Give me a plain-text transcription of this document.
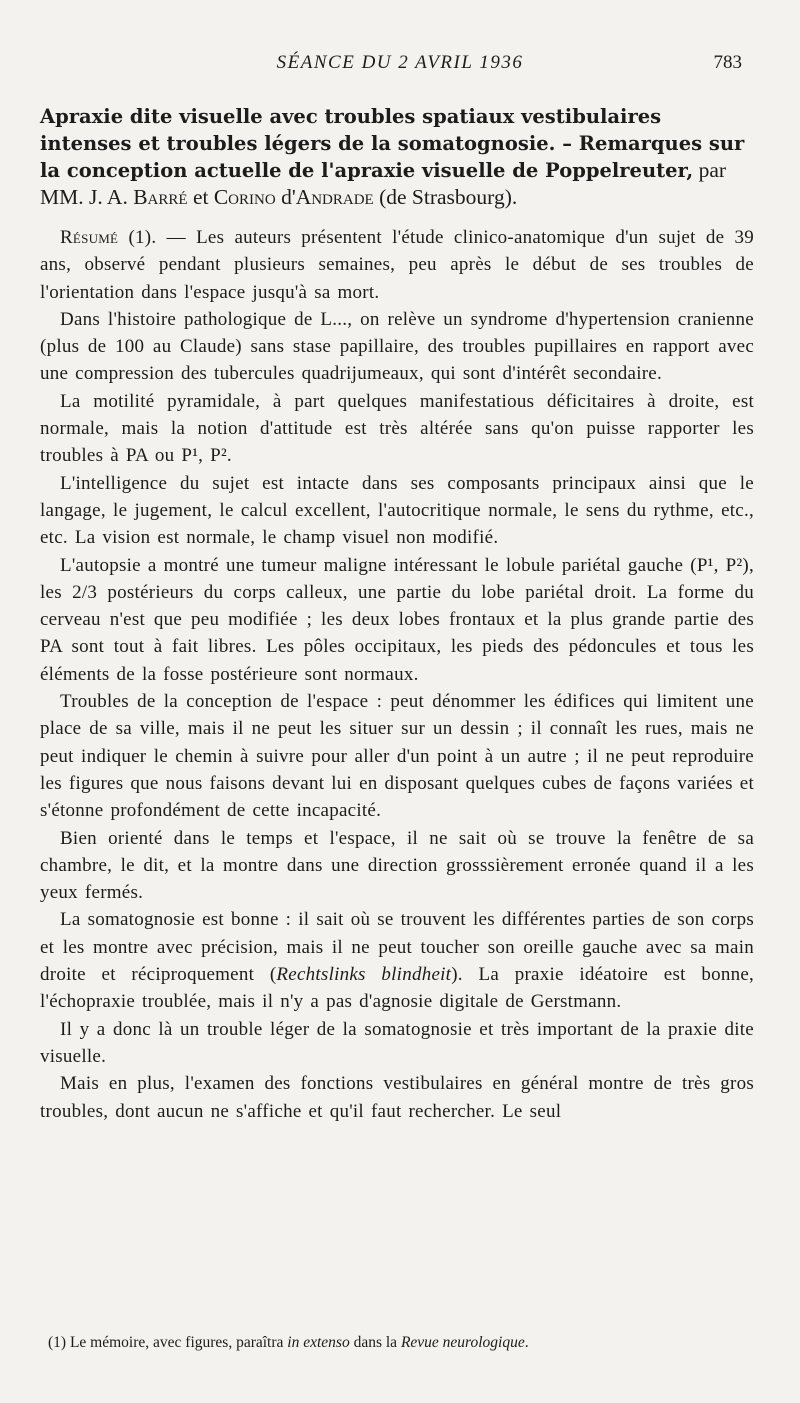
SÉANCE DU 2 AVRIL 1936	783

Apraxie dite visuelle avec troubles spatiaux vestibulaires intenses et troubles légers de la somatognosie. – Remarques sur la conception actuelle de l'apraxie visuelle de Poppelreuter, par MM. J. A. Barré et Corino d'Andrade (de Strasbourg).

Résumé (1). — Les auteurs présentent l'étude clinico-anatomique d'un sujet de 39 ans, observé pendant plusieurs semaines, peu après le début de ses troubles de l'orientation dans l'espace jusqu'à sa mort.

Dans l'histoire pathologique de L..., on relève un syndrome d'hypertension cranienne (plus de 100 au Claude) sans stase papillaire, des troubles pupillaires en rapport avec une compression des tubercules quadrijumeaux, qui sont d'intérêt secondaire.

La motilité pyramidale, à part quelques manifestatious déficitaires à droite, est normale, mais la notion d'attitude est très altérée sans qu'on puisse rapporter les troubles à PA ou P¹, P².

L'intelligence du sujet est intacte dans ses composants principaux ainsi que le langage, le jugement, le calcul excellent, l'autocritique normale, le sens du rythme, etc., etc. La vision est normale, le champ visuel non modifié.

L'autopsie a montré une tumeur maligne intéressant le lobule pariétal gauche (P¹, P²), les 2/3 postérieurs du corps calleux, une partie du lobe pariétal droit. La forme du cerveau n'est que peu modifiée ; les deux lobes frontaux et la plus grande partie des PA sont tout à fait libres. Les pôles occipitaux, les pieds des pédoncules et tous les éléments de la fosse postérieure sont normaux.

Troubles de la conception de l'espace : peut dénommer les édifices qui limitent une place de sa ville, mais il ne peut les situer sur un dessin ; il connaît les rues, mais ne peut indiquer le chemin à suivre pour aller d'un point à un autre ; il ne peut reproduire les figures que nous faisons devant lui en disposant quelques cubes de façons variées et s'étonne profondément de cette incapacité.

Bien orienté dans le temps et l'espace, il ne sait où se trouve la fenêtre de sa chambre, le dit, et la montre dans une direction grosssièrement erronée quand il a les yeux fermés.

La somatognosie est bonne : il sait où se trouvent les différentes parties de son corps et les montre avec précision, mais il ne peut toucher son oreille gauche avec sa main droite et réciproquement (Rechtslinks blindheit). La praxie idéatoire est bonne, l'échopraxie troublée, mais il n'y a pas d'agnosie digitale de Gerstmann.

Il y a donc là un trouble léger de la somatognosie et très important de la praxie dite visuelle.

Mais en plus, l'examen des fonctions vestibulaires en général montre de très gros troubles, dont aucun ne s'affiche et qu'il faut rechercher. Le seul

(1) Le mémoire, avec figures, paraîtra in extenso dans la Revue neurologique.
